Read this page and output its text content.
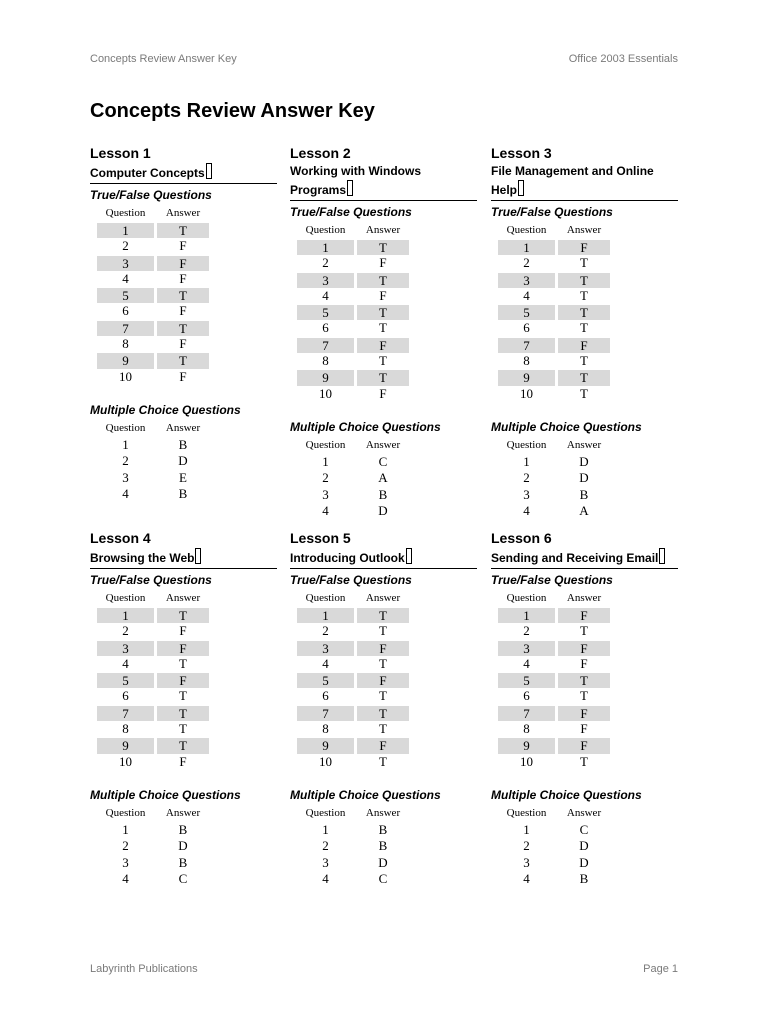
Concepts Review Answer Key	Office 2003 Essentials
Concepts Review Answer Key
Lesson 1
Computer Concepts
True/False Questions
Question	Answer
1	T
2	F
3	F
4	F
5	T
6	F
7	T
8	F
9	T
10	F
Multiple Choice Questions
Question	Answer
1	B
2	D
3	E
4	B
Lesson 2
Working with Windows Programs
True/False Questions
Question	Answer
1	T
2	F
3	T
4	F
5	T
6	T
7	F
8	T
9	T
10	F
Multiple Choice Questions
Question	Answer
1	C
2	A
3	B
4	D
Lesson 3
File Management and Online Help
True/False Questions
Question	Answer
1	F
2	T
3	T
4	T
5	T
6	T
7	F
8	T
9	T
10	T
Multiple Choice Questions
Question	Answer
1	D
2	D
3	B
4	A
Lesson 4
Browsing the Web
True/False Questions
Question	Answer
1	T
2	F
3	F
4	T
5	F
6	T
7	T
8	T
9	T
10	F
Multiple Choice Questions
Question	Answer
1	B
2	D
3	B
4	C
Lesson 5
Introducing Outlook
True/False Questions
Question	Answer
1	T
2	T
3	F
4	T
5	F
6	T
7	T
8	T
9	F
10	T
Multiple Choice Questions
Question	Answer
1	B
2	B
3	D
4	C
Lesson 6
Sending and Receiving Email
True/False Questions
Question	Answer
1	F
2	T
3	F
4	F
5	T
6	T
7	F
8	F
9	F
10	T
Multiple Choice Questions
Question	Answer
1	C
2	D
3	D
4	B
Labyrinth Publications	Page 1
